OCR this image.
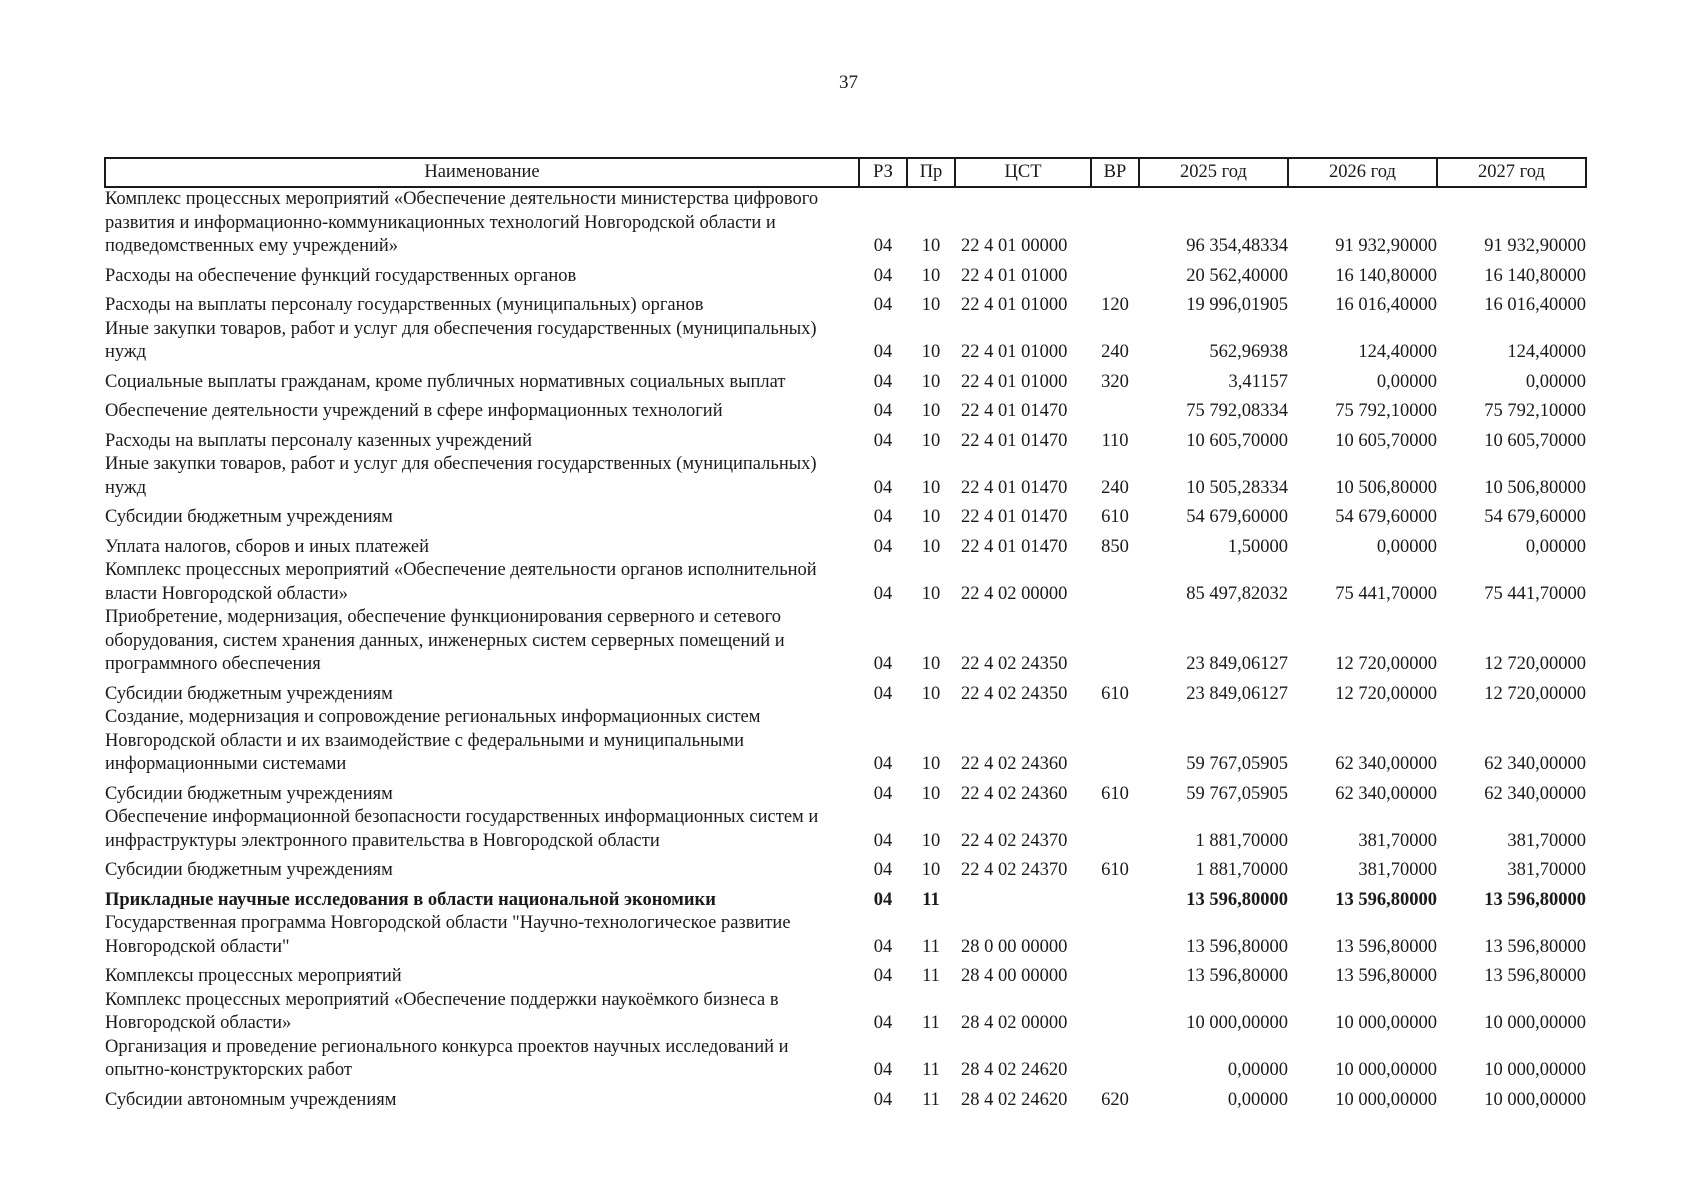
37
Наименование	РЗ	Пр	ЦСТ	ВР	2025 год	2026 год	2027 год
Комплекс процессных мероприятий «Обеспечение деятельности министерства цифрового развития и информационно-коммуникационных технологий Новгородской области и подведомственных ему учреждений»	04	10	22 4 01 00000		96 354,48334	91 932,90000	91 932,90000
Расходы на обеспечение функций государственных органов	04	10	22 4 01 01000		20 562,40000	16 140,80000	16 140,80000
Расходы на выплаты персоналу государственных (муниципальных) органов	04	10	22 4 01 01000	120	19 996,01905	16 016,40000	16 016,40000
Иные закупки товаров, работ и услуг для обеспечения государственных (муниципальных) нужд	04	10	22 4 01 01000	240	562,96938	124,40000	124,40000
Социальные выплаты гражданам, кроме публичных нормативных социальных выплат	04	10	22 4 01 01000	320	3,41157	0,00000	0,00000
Обеспечение деятельности учреждений в сфере информационных технологий	04	10	22 4 01 01470		75 792,08334	75 792,10000	75 792,10000
Расходы на выплаты персоналу казенных учреждений	04	10	22 4 01 01470	110	10 605,70000	10 605,70000	10 605,70000
Иные закупки товаров, работ и услуг для обеспечения государственных (муниципальных) нужд	04	10	22 4 01 01470	240	10 505,28334	10 506,80000	10 506,80000
Субсидии бюджетным учреждениям	04	10	22 4 01 01470	610	54 679,60000	54 679,60000	54 679,60000
Уплата налогов, сборов и иных платежей	04	10	22 4 01 01470	850	1,50000	0,00000	0,00000
Комплекс процессных мероприятий «Обеспечение деятельности органов исполнительной власти Новгородской области»	04	10	22 4 02 00000		85 497,82032	75 441,70000	75 441,70000
Приобретение, модернизация, обеспечение функционирования серверного и сетевого оборудования, систем хранения данных, инженерных систем серверных помещений и программного обеспечения	04	10	22 4 02 24350		23 849,06127	12 720,00000	12 720,00000
Субсидии бюджетным учреждениям	04	10	22 4 02 24350	610	23 849,06127	12 720,00000	12 720,00000
Создание, модернизация и сопровождение региональных информационных систем Новгородской области и их взаимодействие с федеральными и муниципальными информационными системами	04	10	22 4 02 24360		59 767,05905	62 340,00000	62 340,00000
Субсидии бюджетным учреждениям	04	10	22 4 02 24360	610	59 767,05905	62 340,00000	62 340,00000
Обеспечение информационной безопасности государственных информационных систем и инфраструктуры электронного правительства в Новгородской области	04	10	22 4 02 24370		1 881,70000	381,70000	381,70000
Субсидии бюджетным учреждениям	04	10	22 4 02 24370	610	1 881,70000	381,70000	381,70000
Прикладные научные исследования в области национальной экономики	04	11			13 596,80000	13 596,80000	13 596,80000
Государственная программа Новгородской области "Научно-технологическое развитие Новгородской области"	04	11	28 0 00 00000		13 596,80000	13 596,80000	13 596,80000
Комплексы процессных мероприятий	04	11	28 4 00 00000		13 596,80000	13 596,80000	13 596,80000
Комплекс процессных мероприятий «Обеспечение поддержки наукоёмкого бизнеса в Новгородской области»	04	11	28 4 02 00000		10 000,00000	10 000,00000	10 000,00000
Организация и проведение регионального конкурса проектов научных исследований и опытно-конструкторских работ	04	11	28 4 02 24620		0,00000	10 000,00000	10 000,00000
Субсидии автономным учреждениям	04	11	28 4 02 24620	620	0,00000	10 000,00000	10 000,00000
